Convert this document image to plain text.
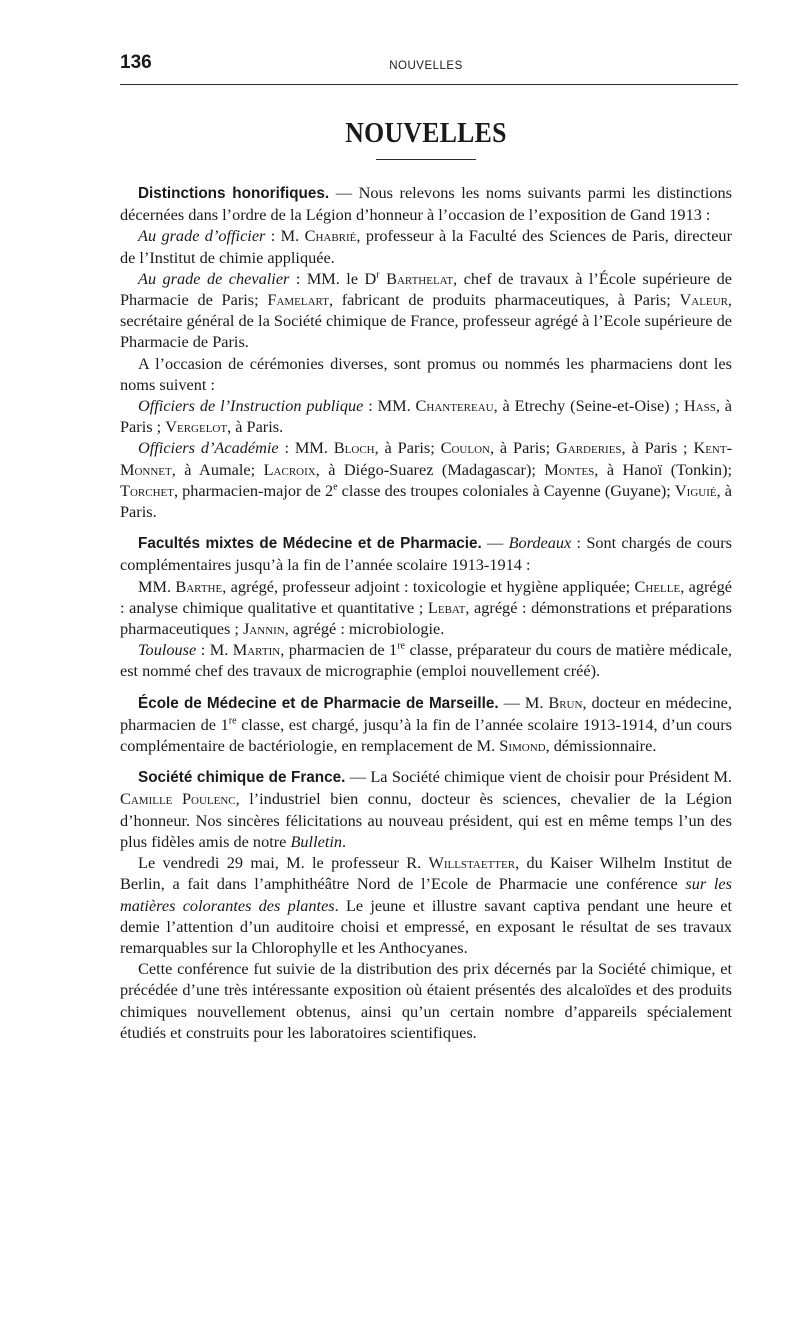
136	NOUVELLES
NOUVELLES

Distinctions honorifiques. — Nous relevons les noms suivants parmi les distinctions décernées dans l’ordre de la Légion d’honneur à l’occasion de l’exposition de Gand 1913 :

Au grade d’officier : M. Chabrié, professeur à la Faculté des Sciences de Paris, directeur de l’Institut de chimie appliquée.

Au grade de chevalier : MM. le $D^r$ Barthelat, chef de travaux à l’École supérieure de Pharmacie de Paris; Famelart, fabricant de produits pharmaceutiques, à Paris; Valeur, secrétaire général de la Société chimique de France, professeur agrégé à l’Ecole supérieure de Pharmacie de Paris.

A l’occasion de cérémonies diverses, sont promus ou nommés les pharmaciens dont les noms suivent :

Officiers de l’Instruction publique : MM. Chantereau, à Etrechy (Seine-et-Oise) ; Hass, à Paris ; Vergelot, à Paris.

Officiers d’Académie : MM. Bloch, à Paris; Coulon, à Paris; Garderies, à Paris ; Kent-Monnet, à Aumale; Lacroix, à Diégo-Suarez (Madagascar); Montes, à Hanoï (Tonkin); Torchet, pharmacien-major de 2e classe des troupes coloniales à Cayenne (Guyane); Viguié, à Paris.

Facultés mixtes de Médecine et de Pharmacie. — Bordeaux : Sont chargés de cours complémentaires jusqu’à la fin de l’année scolaire 1913-1914 :

MM. Barthe, agrégé, professeur adjoint : toxicologie et hygiène appliquée; Chelle, agrégé : analyse chimique qualitative et quantitative ; Lebat, agrégé : démonstrations et préparations pharmaceutiques ; Jannin, agrégé : microbiologie.

Toulouse : M. Martin, pharmacien de 1re classe, préparateur du cours de matière médicale, est nommé chef des travaux de micrographie (emploi nouvellement créé).

École de Médecine et de Pharmacie de Marseille. — M. Brun, docteur en médecine, pharmacien de 1re classe, est chargé, jusqu’à la fin de l’année scolaire 1913-1914, d’un cours complémentaire de bactériologie, en remplacement de M. Simond, démissionnaire.

Société chimique de France. — La Société chimique vient de choisir pour Président M. Camille Poulenc, l’industriel bien connu, docteur ès sciences, chevalier de la Légion d’honneur. Nos sincères félicitations au nouveau président, qui est en même temps l’un des plus fidèles amis de notre Bulletin.

Le vendredi 29 mai, M. le professeur R. Willstaetter, du Kaiser Wilhelm Institut de Berlin, a fait dans l’amphithéâtre Nord de l’Ecole de Pharmacie une conférence sur les matières colorantes des plantes. Le jeune et illustre savant captiva pendant une heure et demie l’attention d’un auditoire choisi et empressé, en exposant le résultat de ses travaux remarquables sur la Chlorophylle et les Anthocyanes.

Cette conférence fut suivie de la distribution des prix décernés par la Société chimique, et précédée d’une très intéressante exposition où étaient présentés des alcaloïdes et des produits chimiques nouvellement obtenus, ainsi qu’un certain nombre d’appareils spécialement étudiés et construits pour les laboratoires scientifiques.
